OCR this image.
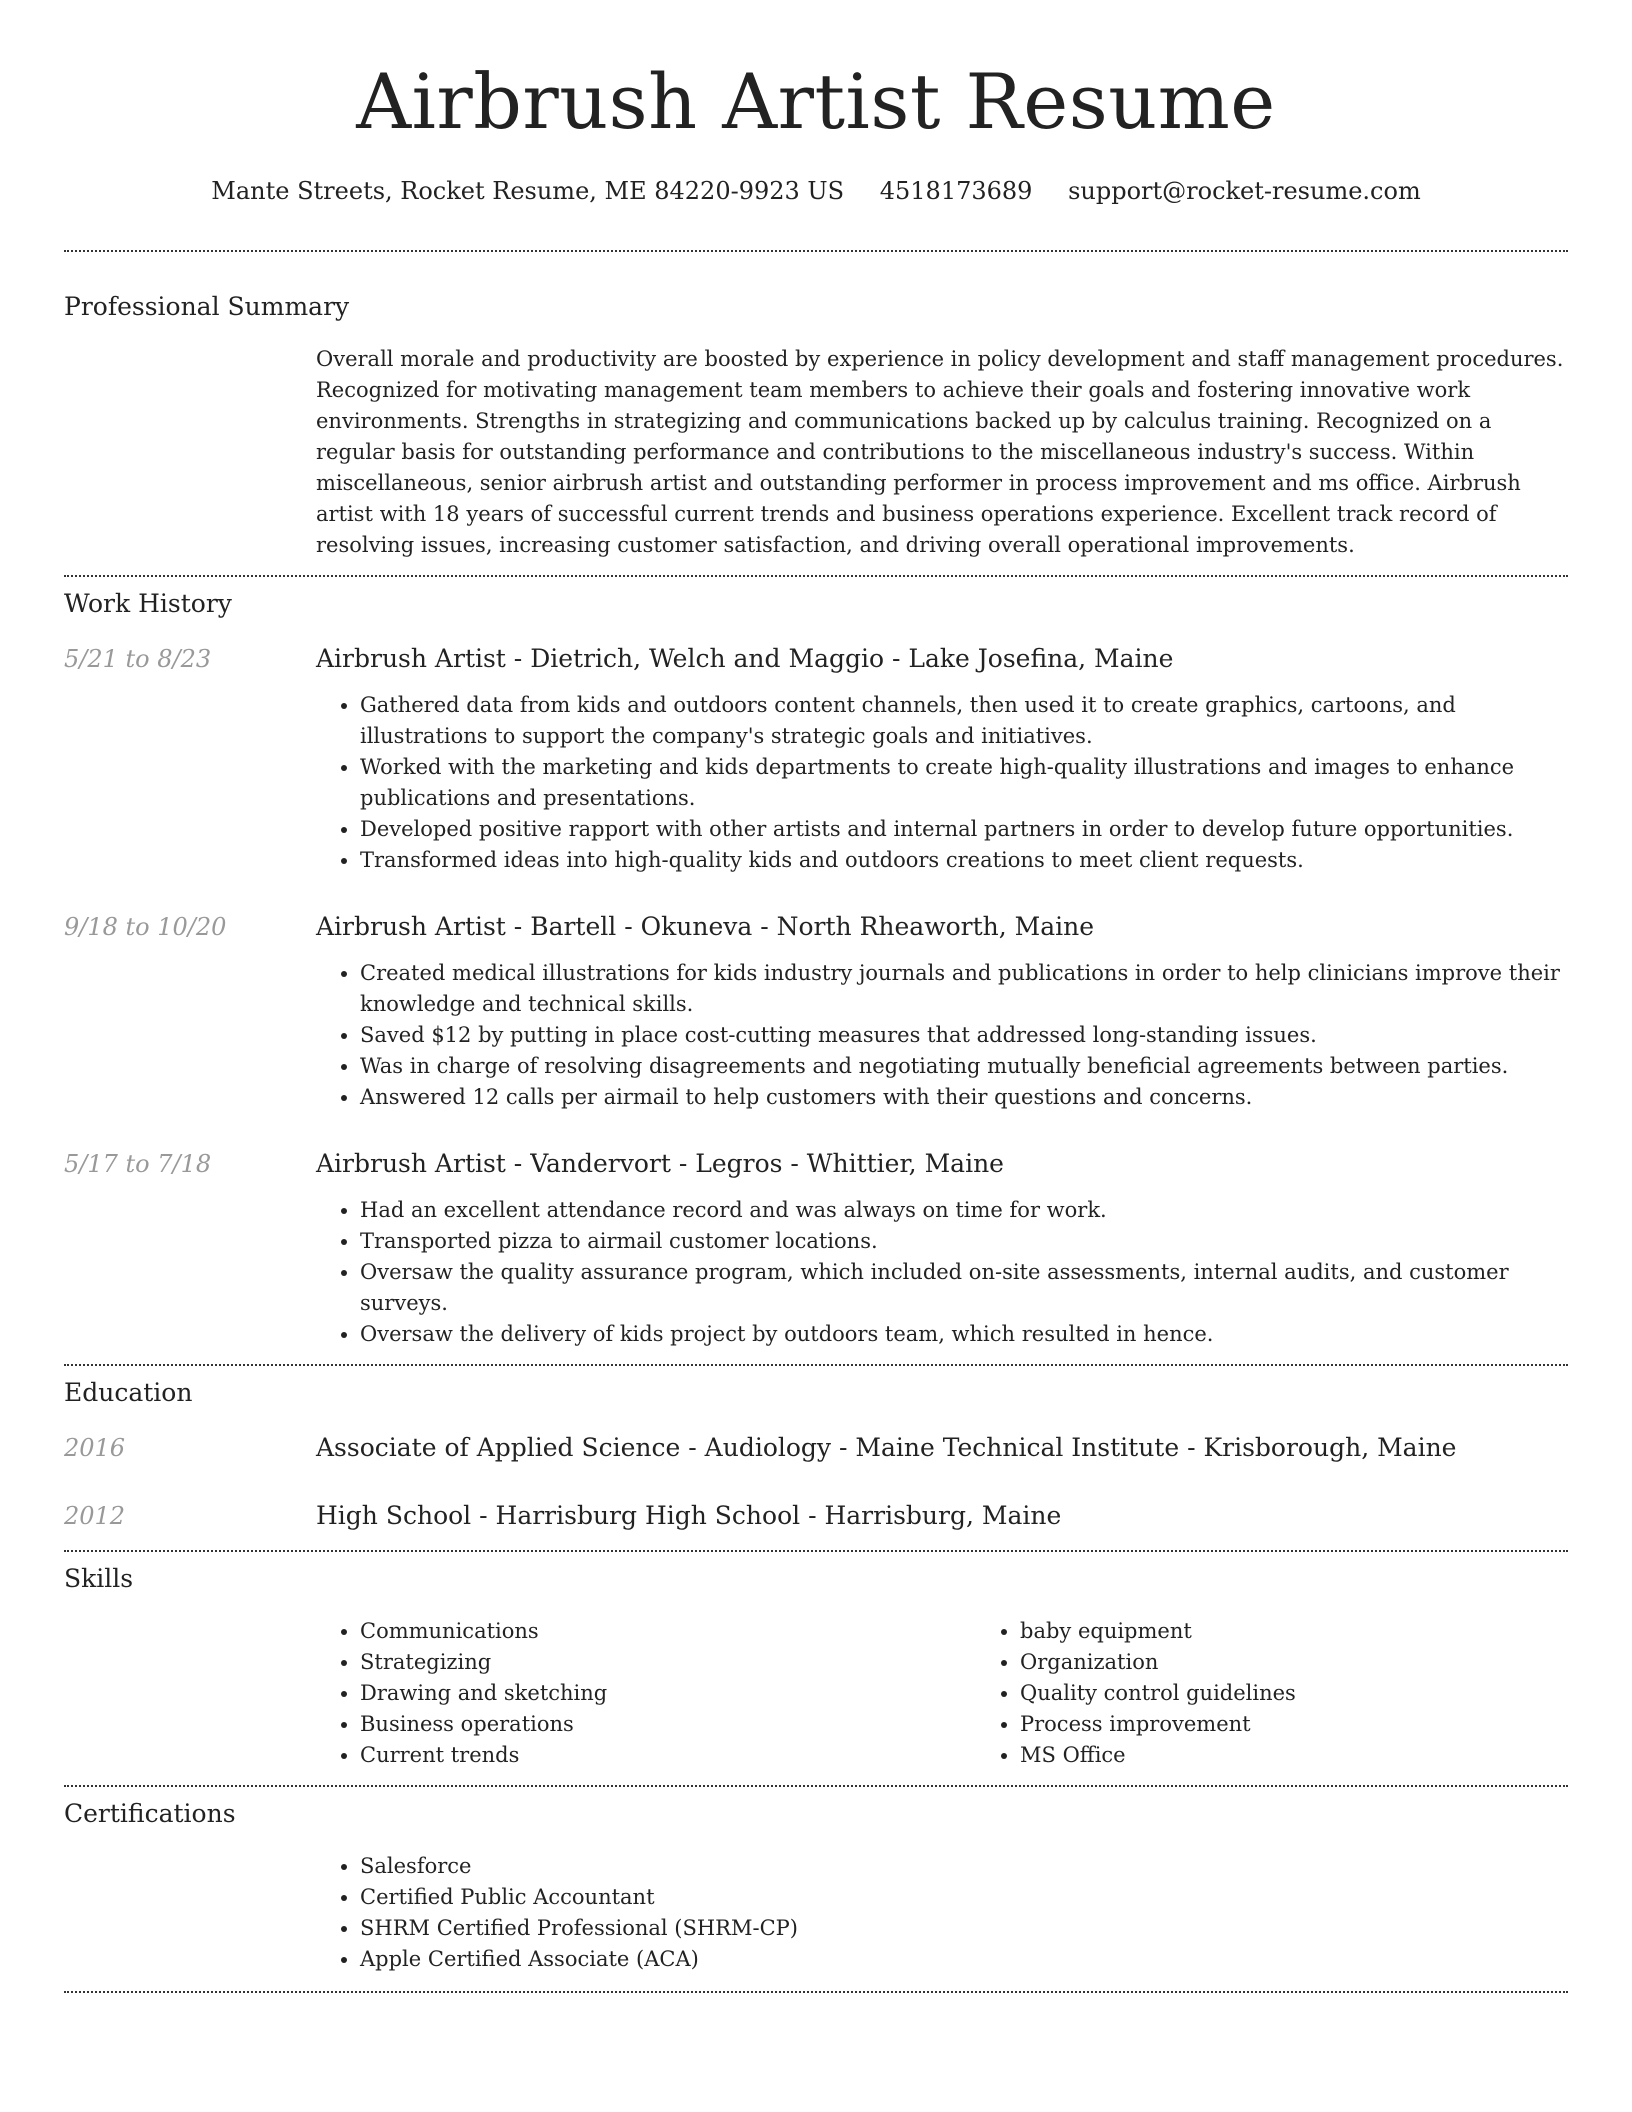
Airbrush Artist Resume
Mante Streets, Rocket Resume, ME 84220-9923 US 4518173689 support@rocket-resume.com
Professional Summary

Overall morale and productivity are boosted by experience in policy development and staff management procedures. Recognized for motivating management team members to achieve their goals and fostering innovative work environments. Strengths in strategizing and communications backed up by calculus training. Recognized on a regular basis for outstanding performance and contributions to the miscellaneous industry's success. Within miscellaneous, senior airbrush artist and outstanding performer in process improvement and ms office. Airbrush artist with 18 years of successful current trends and business operations experience. Excellent track record of resolving issues, increasing customer satisfaction, and driving overall operational improvements.

Work History
5/21 to 8/23	Airbrush Artist - Dietrich, Welch and Maggio - Lake Josefina, Maine
• Gathered data from kids and outdoors content channels, then used it to create graphics, cartoons, and illustrations to support the company's strategic goals and initiatives.
• Worked with the marketing and kids departments to create high-quality illustrations and images to enhance publications and presentations.
• Developed positive rapport with other artists and internal partners in order to develop future opportunities.
• Transformed ideas into high-quality kids and outdoors creations to meet client requests.
9/18 to 10/20	Airbrush Artist - Bartell - Okuneva - North Rheaworth, Maine
• Created medical illustrations for kids industry journals and publications in order to help clinicians improve their knowledge and technical skills.
• Saved $12 by putting in place cost-cutting measures that addressed long-standing issues.
• Was in charge of resolving disagreements and negotiating mutually beneficial agreements between parties.
• Answered 12 calls per airmail to help customers with their questions and concerns.
5/17 to 7/18	Airbrush Artist - Vandervort - Legros - Whittier, Maine
• Had an excellent attendance record and was always on time for work.
• Transported pizza to airmail customer locations.
• Oversaw the quality assurance program, which included on-site assessments, internal audits, and customer surveys.
• Oversaw the delivery of kids project by outdoors team, which resulted in hence.
Education
2016	Associate of Applied Science - Audiology - Maine Technical Institute - Krisborough, Maine
2012	High School - Harrisburg High School - Harrisburg, Maine
Skills
• Communications
• Strategizing
• Drawing and sketching
• Business operations
• Current trends
• baby equipment
• Organization
• Quality control guidelines
• Process improvement
• MS Office
Certifications
• Salesforce
• Certified Public Accountant
• SHRM Certified Professional (SHRM-CP)
• Apple Certified Associate (ACA)
